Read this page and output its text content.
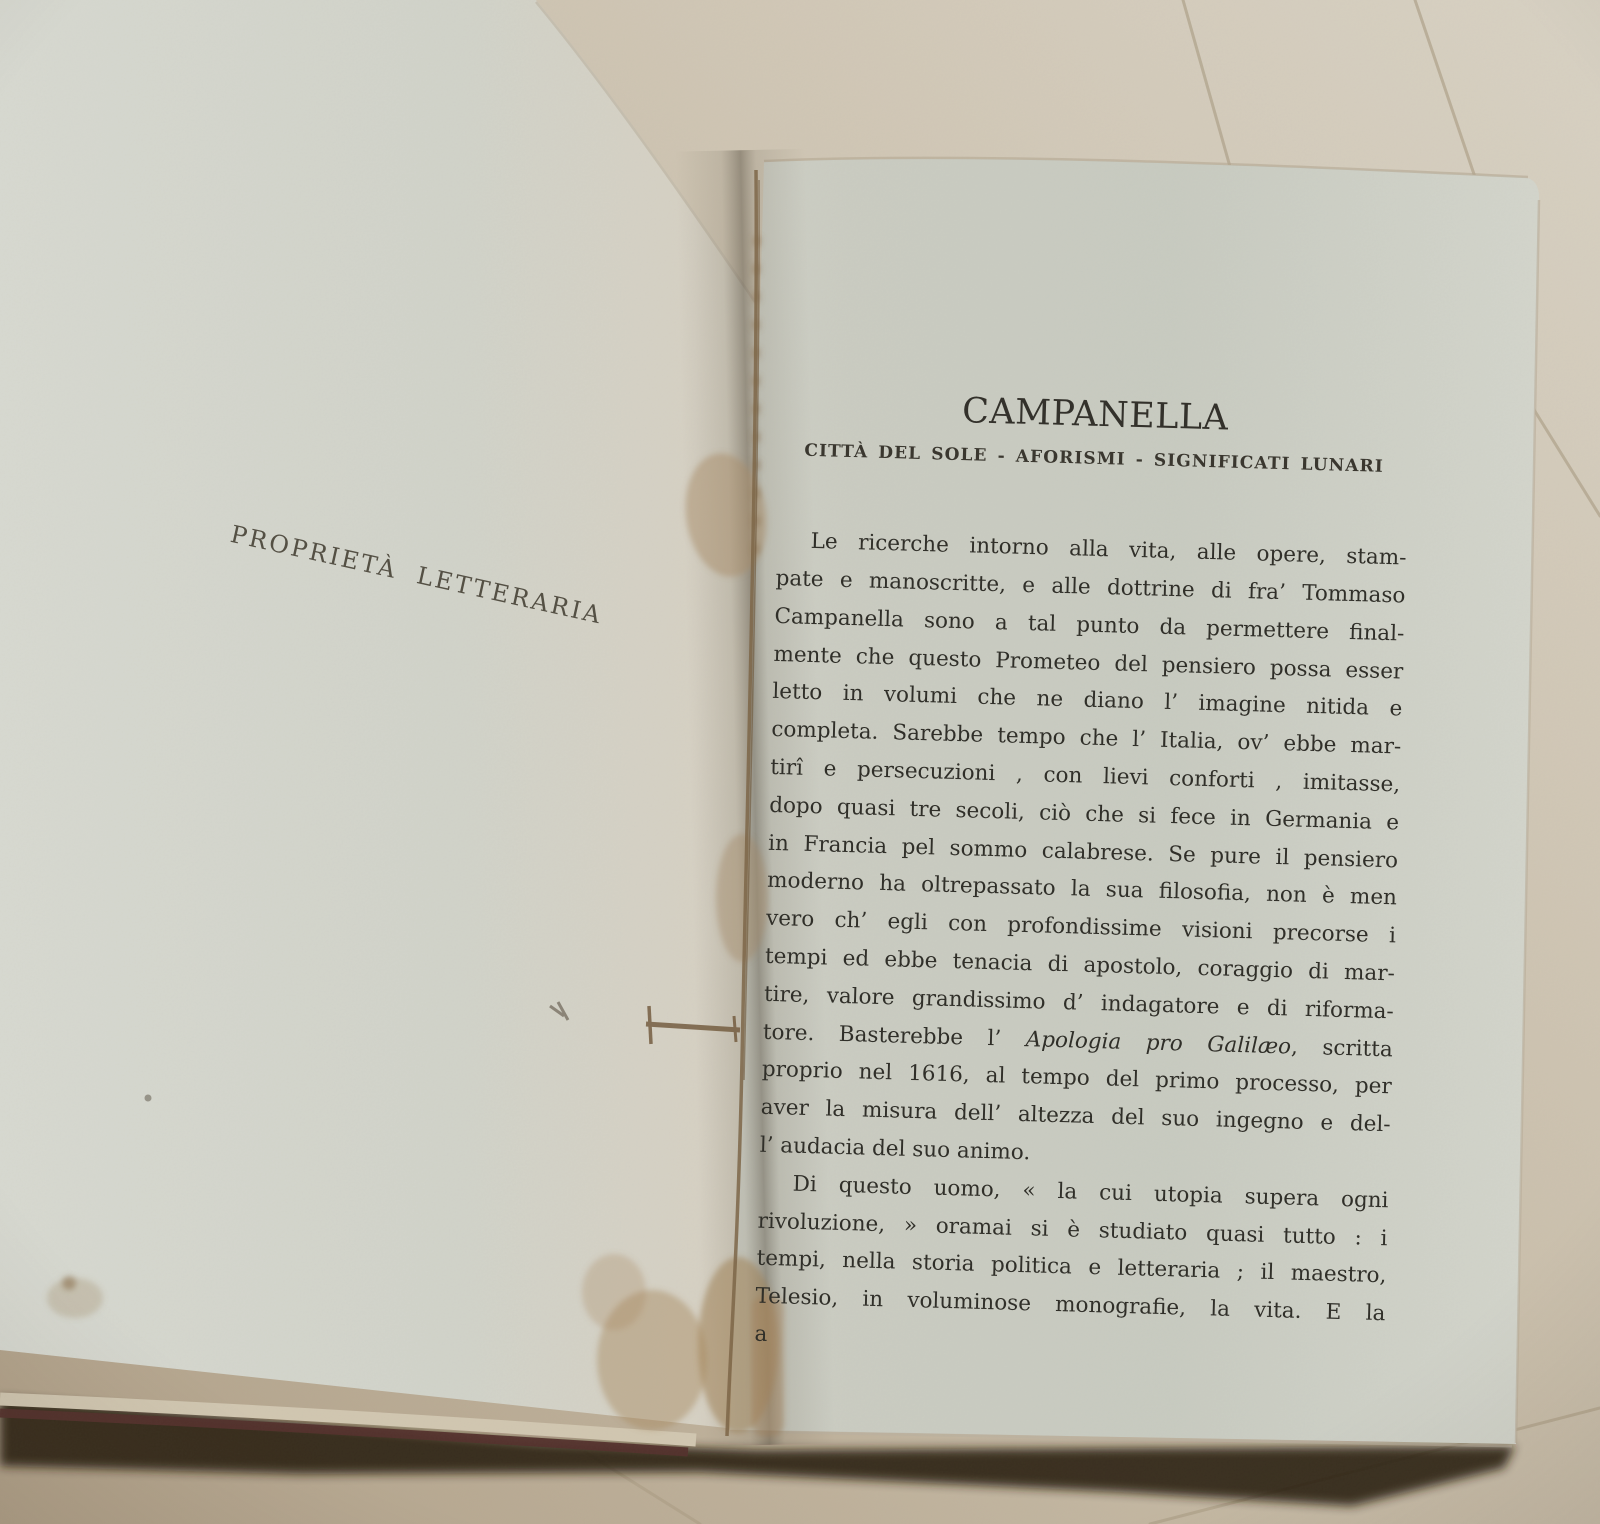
PROPRIETÀ LETTERARIA
CAMPANELLA
CITTÀ DEL SOLE - AFORISMI - SIGNIFICATI LUNARI
Le ricerche intorno alla vita, alle opere, stam-
pate e manoscritte, e alle dottrine di fra’ Tommaso
Campanella sono a tal punto da permettere final-
mente che questo Prometeo del pensiero possa esser
letto in volumi che ne diano l’ imagine nitida e
completa. Sarebbe tempo che l’ Italia, ov’ ebbe mar-
tirî e persecuzioni , con lievi conforti , imitasse,
dopo quasi tre secoli, ciò che si fece in Germania e
in Francia pel sommo calabrese. Se pure il pensiero
moderno ha oltrepassato la sua filosofia, non è men
vero ch’ egli con profondissime visioni precorse i
tempi ed ebbe tenacia di apostolo, coraggio di mar-
tire, valore grandissimo d’ indagatore e di riforma-
tore. Basterebbe l’ Apologia pro Galilæo, scritta
proprio nel 1616, al tempo del primo processo, per
aver la misura dell’ altezza del suo ingegno e del-
l’ audacia del suo animo.
Di questo uomo, « la cui utopia supera ogni
rivoluzione, » oramai si è studiato quasi tutto : i
tempi, nella storia politica e letteraria ; il maestro,
Telesio, in voluminose monografie, la vita. E la
a
